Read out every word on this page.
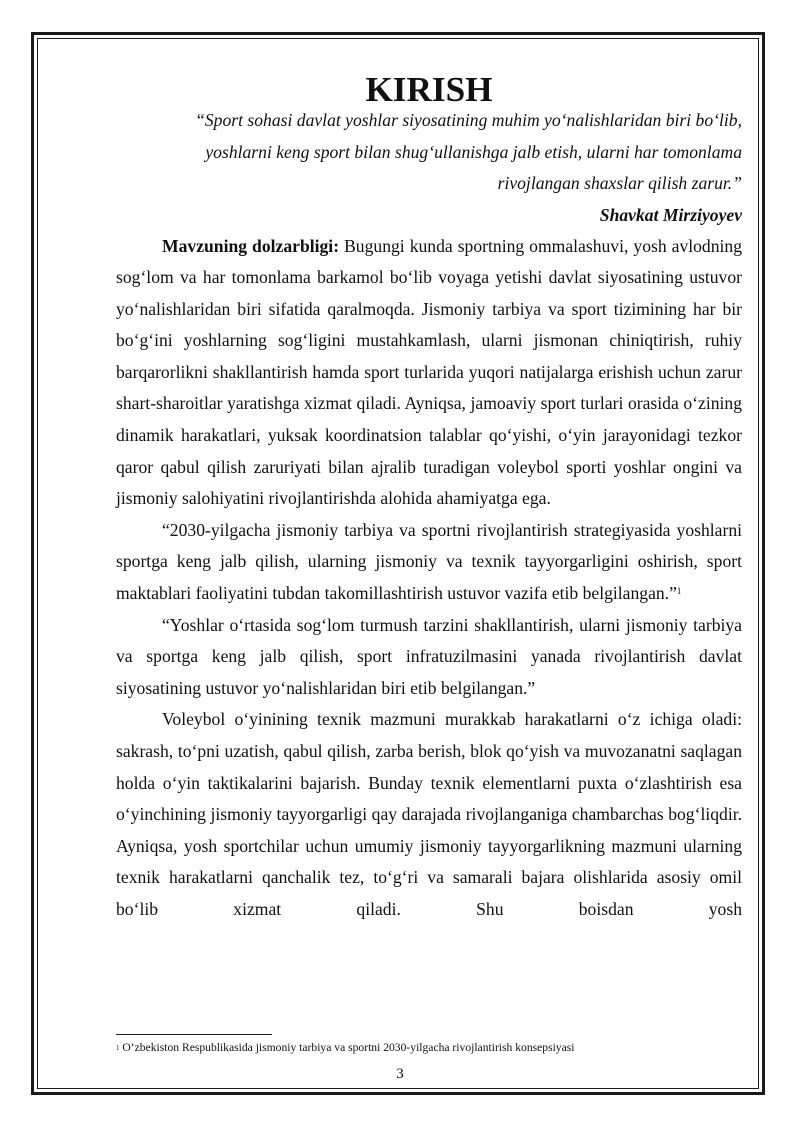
KIRISH
“Sport sohasi davlat yoshlar siyosatining muhim yo‘nalishlaridan biri bo‘lib,
yoshlarni keng sport bilan shug‘ullanishga jalb etish, ularni har tomonlama
rivojlangan shaxslar qilish zarur.”
Shavkat Mirziyoyev

Mavzuning dolzarbligi: Bugungi kunda sportning ommalashuvi, yosh avlodning sog‘lom va har tomonlama barkamol bo‘lib voyaga yetishi davlat siyosatining ustuvor yo‘nalishlaridan biri sifatida qaralmoqda. Jismoniy tarbiya va sport tizimining har bir bo‘g‘ini yoshlarning sog‘ligini mustahkamlash, ularni jismonan chiniqtirish, ruhiy barqarorlikni shakllantirish hamda sport turlarida yuqori natijalarga erishish uchun zarur shart-sharoitlar yaratishga xizmat qiladi. Ayniqsa, jamoaviy sport turlari orasida o‘zining dinamik harakatlari, yuksak koordinatsion talablar qo‘yishi, o‘yin jarayonidagi tezkor qaror qabul qilish zaruriyati bilan ajralib turadigan voleybol sporti yoshlar ongini va jismoniy salohiyatini rivojlantirishda alohida ahamiyatga ega.

“2030-yilgacha jismoniy tarbiya va sportni rivojlantirish strategiyasida yoshlarni sportga keng jalb qilish, ularning jismoniy va texnik tayyorgarligini oshirish, sport maktablari faoliyatini tubdan takomillashtirish ustuvor vazifa etib belgilangan.”$^1$

“Yoshlar o‘rtasida sog‘lom turmush tarzini shakllantirish, ularni jismoniy tarbiya va sportga keng jalb qilish, sport infratuzilmasini yanada rivojlantirish davlat siyosatining ustuvor yo‘nalishlaridan biri etib belgilangan.”

Voleybol o‘yinining texnik mazmuni murakkab harakatlarni o‘z ichiga oladi: sakrash, to‘pni uzatish, qabul qilish, zarba berish, blok qo‘yish va muvozanatni saqlagan holda o‘yin taktikalarini bajarish. Bunday texnik elementlarni puxta o‘zlashtirish esa o‘yinchining jismoniy tayyorgarligi qay darajada rivojlanganiga chambarchas bog‘liqdir. Ayniqsa, yosh sportchilar uchun umumiy jismoniy tayyorgarlikning mazmuni ularning texnik harakatlarni qanchalik tez, to‘g‘ri va samarali bajara olishlarida asosiy omil bo‘lib xizmat qiladi. Shu boisdan yosh

$^1$ O‘zbekiston Respublikasida jismoniy tarbiya va sportni 2030-yilgacha rivojlantirish konsepsiyasi
3
